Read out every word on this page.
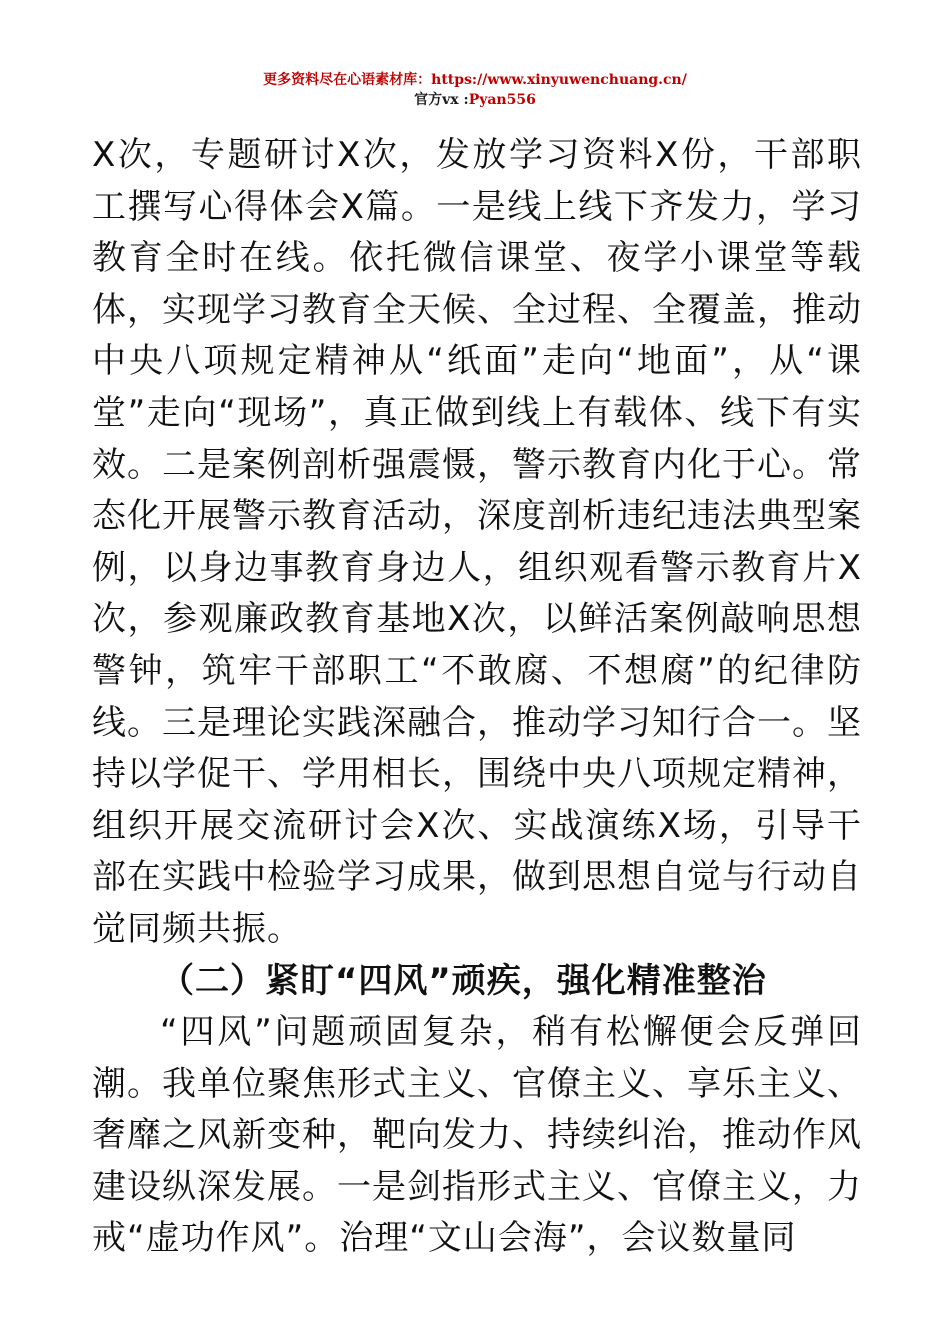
更多资料尽在心语素材库：https://www.xinyuwenchuang.cn/
官方vx :Pyan556

X次，专题研讨X次，发放学习资料X份，干部职工撰写心得体会X篇。一是线上线下齐发力，学习教育全时在线。依托微信课堂、夜学小课堂等载体，实现学习教育全天候、全过程、全覆盖，推动中央八项规定精神从“纸面”走向“地面”，从“课堂”走向“现场”，真正做到线上有载体、线下有实效。二是案例剖析强震慑，警示教育内化于心。常态化开展警示教育活动，深度剖析违纪违法典型案例，以身边事教育身边人，组织观看警示教育片X次，参观廉政教育基地X次，以鲜活案例敲响思想警钟，筑牢干部职工“不敢腐、不想腐”的纪律防线。三是理论实践深融合，推动学习知行合一。坚持以学促干、学用相长，围绕中央八项规定精神，组织开展交流研讨会X次、实战演练X场，引导干部在实践中检验学习成果，做到思想自觉与行动自觉同频共振。

（二）紧盯“四风”顽疾，强化精准整治

“四风”问题顽固复杂，稍有松懈便会反弹回潮。我单位聚焦形式主义、官僚主义、享乐主义、奢靡之风新变种，靶向发力、持续纠治，推动作风建设纵深发展。一是剑指形式主义、官僚主义，力戒“虚功作风”。治理“文山会海”，会议数量同
